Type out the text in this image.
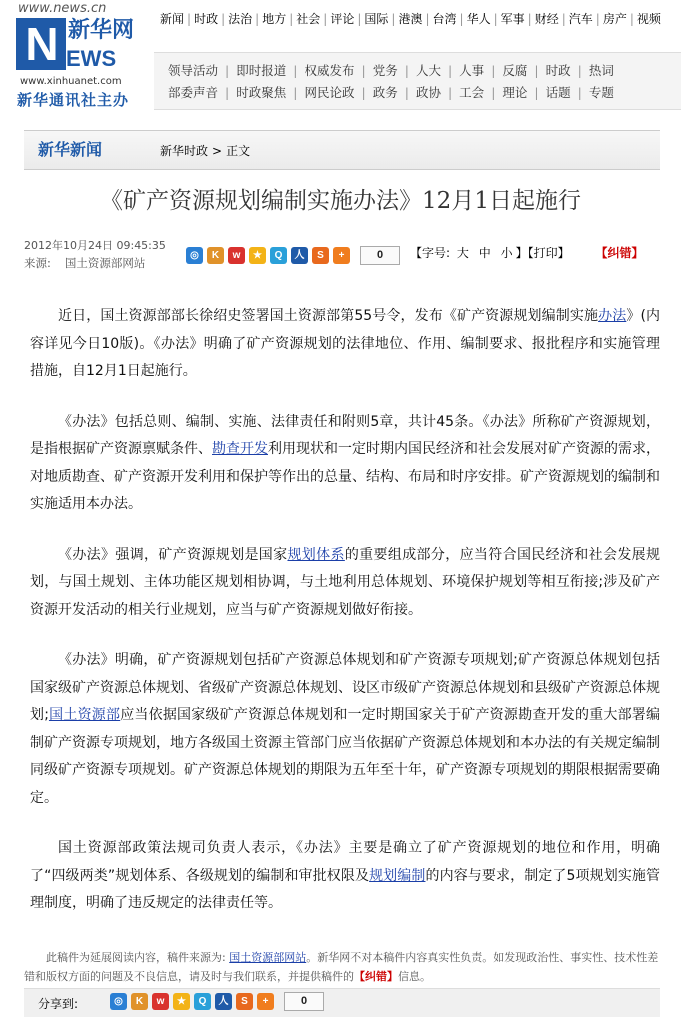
www.news.cn
N 新华网
EWS
www.xinhuanet.com
新华通讯社主办
新闻 | 时政 | 法治 | 地方 | 社会 | 评论 | 国际 | 港澳 | 台湾 | 华人 | 军事 | 财经 | 汽车 | 房产 | 视频
领导活动 | 即时报道 | 权威发布 | 党务 | 人大 | 人事 | 反腐 | 时政 | 热词
部委声音 | 时政聚焦 | 网民论政 | 政务 | 政协 | 工会 | 理论 | 话题 | 专题
新华新闻	新华时政 > 正文
《矿产资源规划编制实施办法》12月1日起施行
2012年10月24日 09:45:35
来源: 国土资源部网站
◎	K	w	★	Q	人	S	+	0	【字号: 大 中 小 】【打印】 【纠错】

近日，国土资源部部长徐绍史签署国土资源部第55号令，发布《矿产资源规划编制实施办法》(内容详见今日10版)。《办法》明确了矿产资源规划的法律地位、作用、编制要求、报批程序和实施管理措施，自12月1日起施行。

《办法》包括总则、编制、实施、法律责任和附则5章，共计45条。《办法》所称矿产资源规划，是指根据矿产资源禀赋条件、勘查开发利用现状和一定时期内国民经济和社会发展对矿产资源的需求，对地质勘查、矿产资源开发利用和保护等作出的总量、结构、布局和时序安排。矿产资源规划的编制和实施适用本办法。

《办法》强调，矿产资源规划是国家规划体系的重要组成部分，应当符合国民经济和社会发展规划，与国土规划、主体功能区规划相协调，与土地利用总体规划、环境保护规划等相互衔接;涉及矿产资源开发活动的相关行业规划，应当与矿产资源规划做好衔接。

《办法》明确，矿产资源规划包括矿产资源总体规划和矿产资源专项规划;矿产资源总体规划包括国家级矿产资源总体规划、省级矿产资源总体规划、设区市级矿产资源总体规划和县级矿产资源总体规划;国土资源部应当依据国家级矿产资源总体规划和一定时期国家关于矿产资源勘查开发的重大部署编制矿产资源专项规划，地方各级国土资源主管部门应当依据矿产资源总体规划和本办法的有关规定编制同级矿产资源专项规划。矿产资源总体规划的期限为五年至十年，矿产资源专项规划的期限根据需要确定。

国土资源部政策法规司负责人表示，《办法》主要是确立了矿产资源规划的地位和作用，明确了“四级两类”规划体系、各级规划的编制和审批权限及规划编制的内容与要求，制定了5项规划实施管理制度，明确了违反规定的法律责任等。

此稿件为延展阅读内容，稿件来源为: 国土资源部网站。新华网不对本稿件内容真实性负责。如发现政治性、事实性、技术性差错和版权方面的问题及不良信息，请及时与我们联系，并提供稿件的【纠错】信息。
分享到:	◎	K	w	★	Q	人	S	+	0
